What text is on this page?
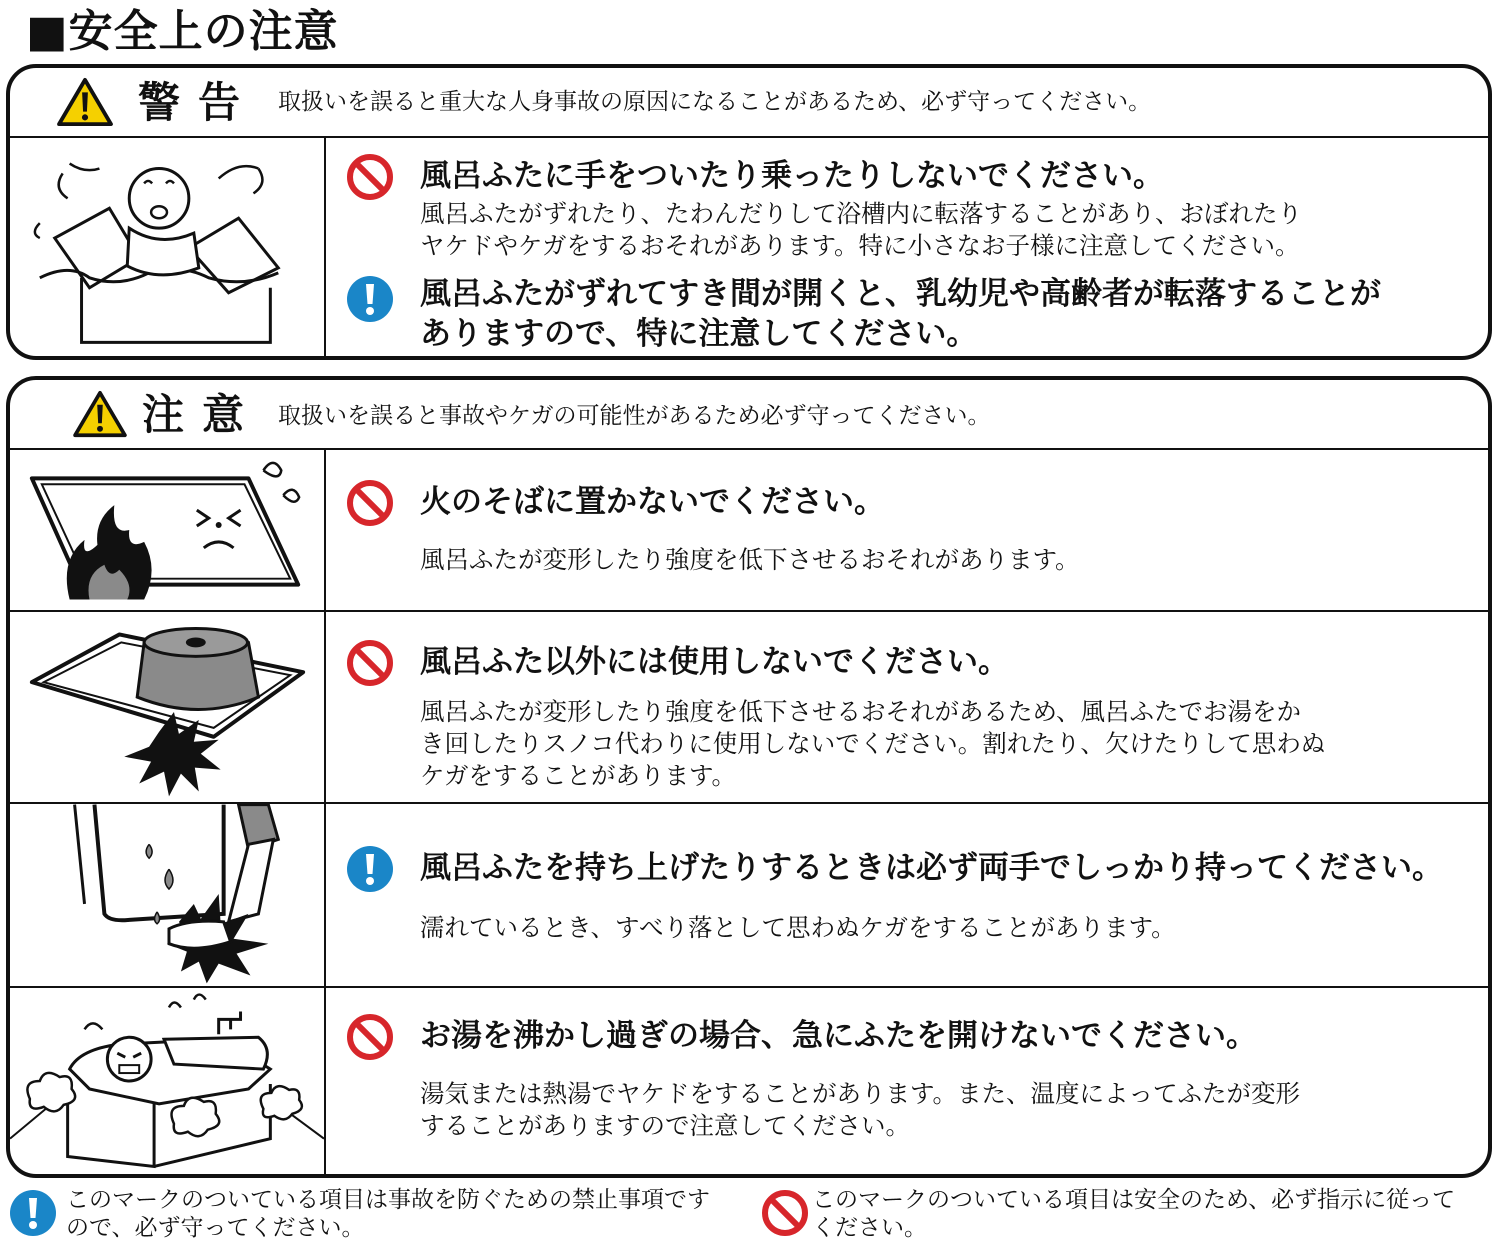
■安全上の注意
警告 取扱いを誤ると重大な人身事故の原因になることがあるため、必ず守ってください。
風呂ふたに手をついたり乗ったりしないでください。
風呂ふたがずれたり、たわんだりして浴槽内に転落することがあり、おぼれたり
ヤケドやケガをするおそれがあります。特に小さなお子様に注意してください。
風呂ふたがずれてすき間が開くと、乳幼児や高齢者が転落することが
ありますので、特に注意してください。
注意 取扱いを誤ると事故やケガの可能性があるため必ず守ってください。
火のそばに置かないでください。
風呂ふたが変形したり強度を低下させるおそれがあります。
風呂ふた以外には使用しないでください。
風呂ふたが変形したり強度を低下させるおそれがあるため、風呂ふたでお湯をか
き回したりスノコ代わりに使用しないでください。割れたり、欠けたりして思わぬ
ケガをすることがあります。
風呂ふたを持ち上げたりするときは必ず両手でしっかり持ってください。
濡れているとき、すべり落として思わぬケガをすることがあります。
お湯を沸かし過ぎの場合、急にふたを開けないでください。
湯気または熱湯でヤケドをすることがあります。また、温度によってふたが変形
することがありますので注意してください。
このマークのついている項目は事故を防ぐための禁止事項です
ので、必ず守ってください。
このマークのついている項目は安全のため、必ず指示に従って
ください。
